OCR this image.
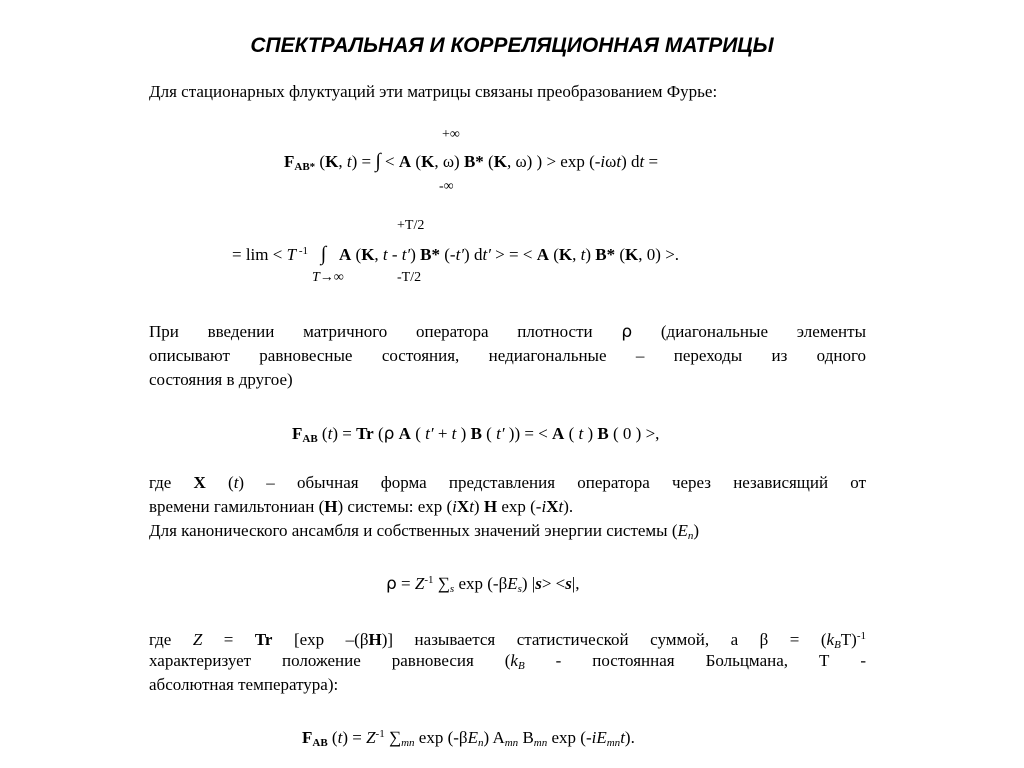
СПЕКТРАЛЬНАЯ И КОРРЕЛЯЦИОННАЯ МАТРИЦЫ
Для стационарных флуктуаций эти матрицы связаны преобразованием Фурье:
+∞
$F_{AB*}$ (K, t) = ∫ < A (K, ω) B* (K, ω) ) > exp (-iωt) dt =
-∞
+T/2
= lim < T $^{-1}$ ∫ A (K, t - t′) B* (-t′) dt′ > = < A (K, t) B* (K, 0) >.
T→∞	-T/2
При введении матричного оператора плотности ρ (диагональные элементы
описывают равновесные состояния, недиагональные – переходы из одного
состояния в другое)
$F_{AB}$ (t) = Tr (ρ A ( t′ + t ) B ( t′ )) = < A ( t ) B ( 0 ) >,
где X (t) – обычная форма представления оператора через независящий от
времени гамильтониан (H) системы: exp (iXt) H exp (-iXt).
Для канонического ансамбля и собственных значений энергии системы $(E_n)$
$\rho = Z^{-1}$ $\sum_s$ $\exp (-\beta E_s)$ |s> <s|,
где Z = Tr [exp –(βH)] называется статистической суммой, а $\beta = (k_BT)^{-1}$
характеризует положение равновесия ($k_B$ - постоянная Больцмана, Т -
абсолютная температура):
$F_{AB}$ $(t) = Z^{-1}$ $\sum_{mn}$ $\exp (-\beta E_n)$ $A_{mn}$ $B_{mn}$ $\exp (-iE_{mn}t)$.
